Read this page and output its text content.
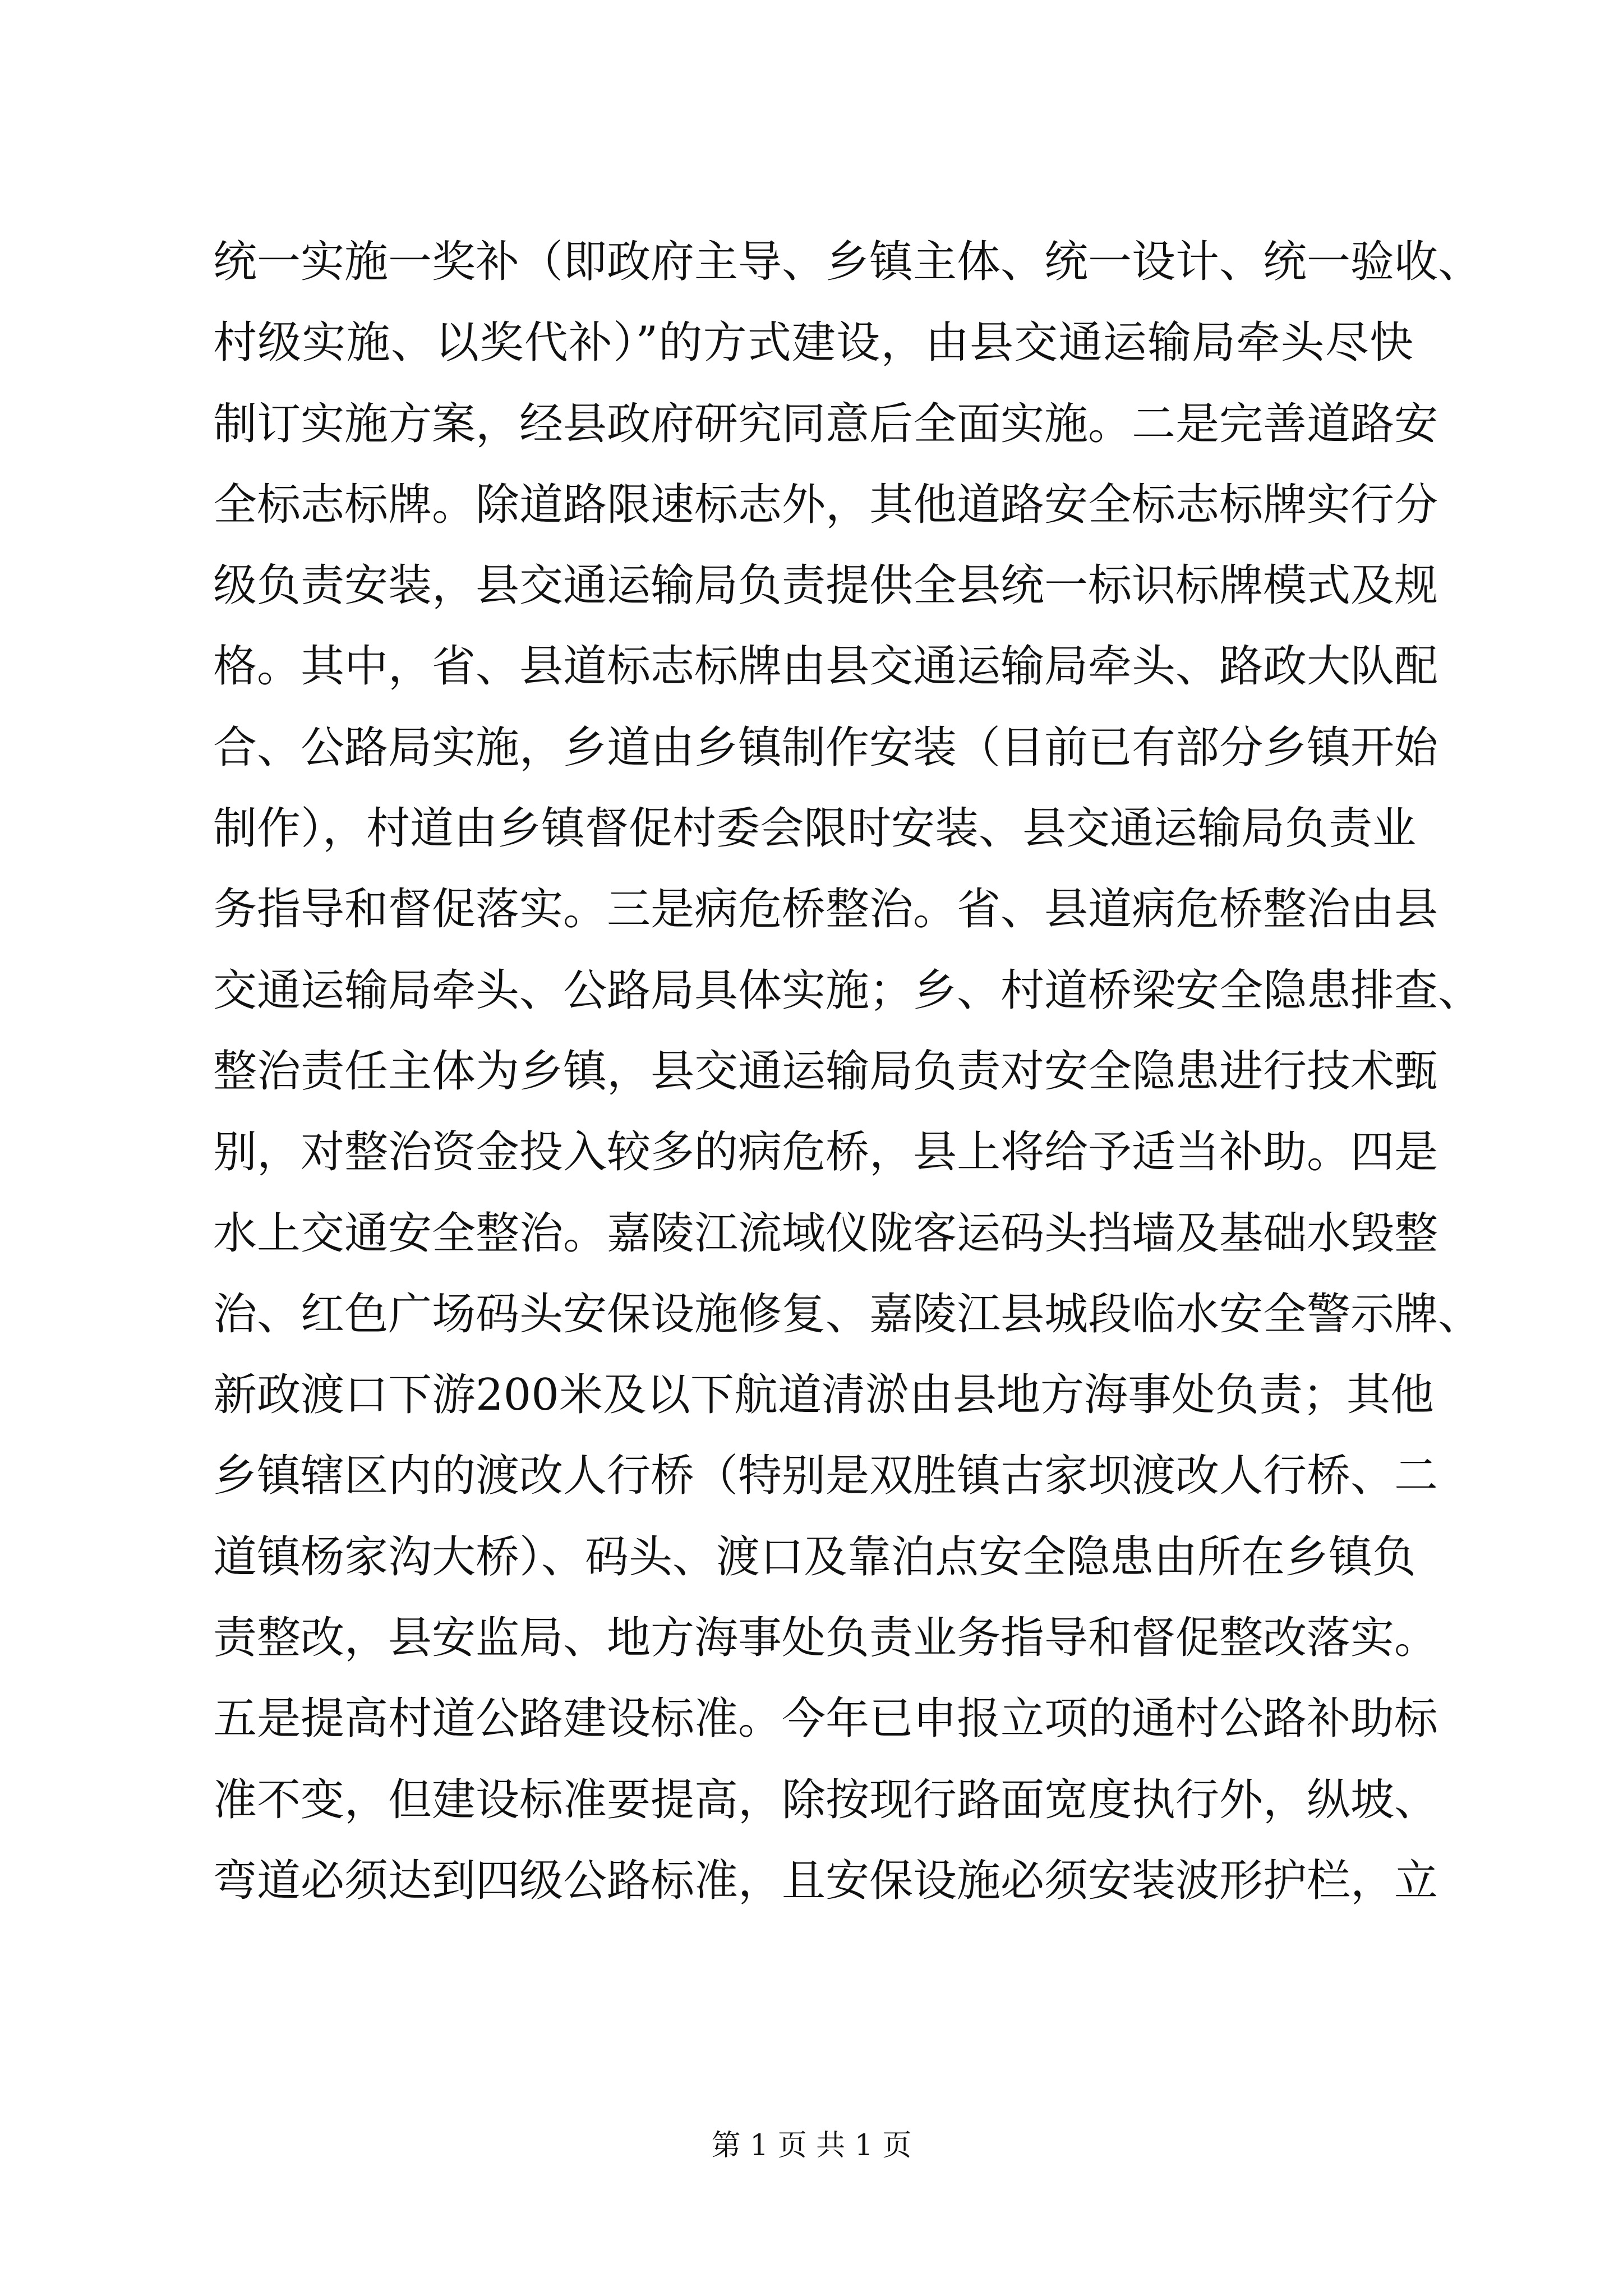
统一实施一奖补（即政府主导、乡镇主体、统一设计、统一验收、
村级实施、以奖代补）”的方式建设，由县交通运输局牵头尽快
制订实施方案，经县政府研究同意后全面实施。二是完善道路安
全标志标牌。除道路限速标志外，其他道路安全标志标牌实行分
级负责安装，县交通运输局负责提供全县统一标识标牌模式及规
格。其中，省、县道标志标牌由县交通运输局牵头、路政大队配
合、公路局实施，乡道由乡镇制作安装（目前已有部分乡镇开始
制作），村道由乡镇督促村委会限时安装、县交通运输局负责业
务指导和督促落实。三是病危桥整治。省、县道病危桥整治由县
交通运输局牵头、公路局具体实施；乡、村道桥梁安全隐患排查、
整治责任主体为乡镇，县交通运输局负责对安全隐患进行技术甄
别，对整治资金投入较多的病危桥，县上将给予适当补助。四是
水上交通安全整治。嘉陵江流域仪陇客运码头挡墙及基础水毁整
治、红色广场码头安保设施修复、嘉陵江县城段临水安全警示牌、
新政渡口下游200米及以下航道清淤由县地方海事处负责；其他
乡镇辖区内的渡改人行桥（特别是双胜镇古家坝渡改人行桥、二
道镇杨家沟大桥）、码头、渡口及靠泊点安全隐患由所在乡镇负
责整改，县安监局、地方海事处负责业务指导和督促整改落实。
五是提高村道公路建设标准。今年已申报立项的通村公路补助标
准不变，但建设标准要提高，除按现行路面宽度执行外，纵坡、
弯道必须达到四级公路标准，且安保设施必须安装波形护栏，立
第 1 页 共 1 页
